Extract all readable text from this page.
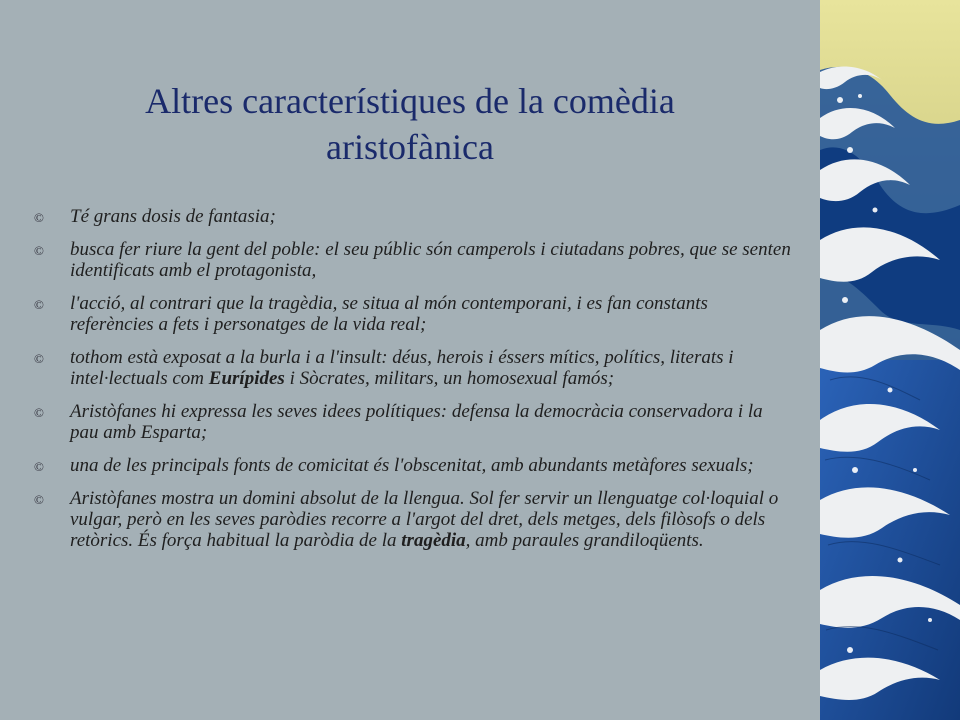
Altres característiques de la comèdia
aristofànica
© Té grans dosis de fantasia;
© busca fer riure la gent del poble: el seu públic són camperols i ciutadans pobres, que se senten identificats amb el protagonista,
© l'acció, al contrari que la tragèdia, se situa al món contemporani, i es fan constants referències a fets i personatges de la vida real;
© tothom està exposat a la burla i a l'insult: déus, herois i éssers mítics, polítics, literats i intel·lectuals com Eurípides i Sòcrates, militars, un homosexual famós;
© Aristòfanes hi expressa les seves idees polítiques: defensa la democràcia conservadora i la pau amb Esparta;
© una de les principals fonts de comicitat és l'obscenitat, amb abundants metàfores sexuals;
© Aristòfanes mostra un domini absolut de la llengua. Sol fer servir un llenguatge col·loquial o vulgar, però en les seves paròdies recorre a l'argot del dret, dels metges, dels filòsofs o dels retòrics. És força habitual la paròdia de la tragèdia, amb paraules grandiloqüents.
